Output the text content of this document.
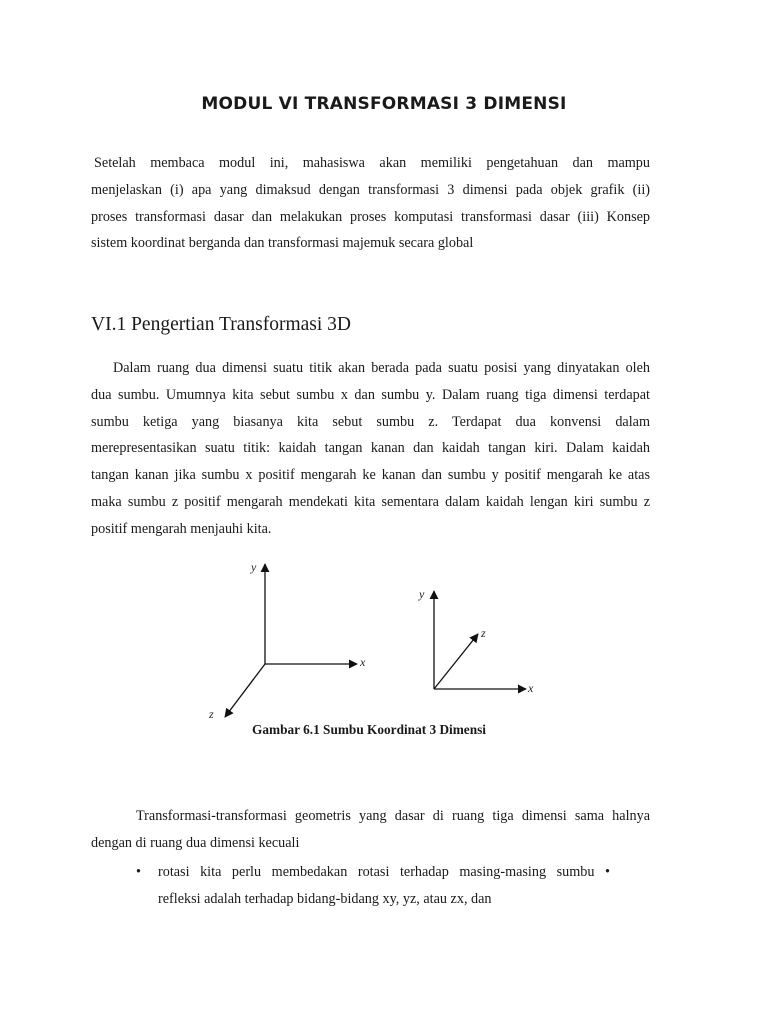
MODUL VI TRANSFORMASI 3 DIMENSI
Setelah membaca modul ini, mahasiswa akan memiliki pengetahuan dan mampu
menjelaskan (i) apa yang dimaksud dengan transformasi 3 dimensi pada objek grafik (ii)
proses transformasi dasar dan melakukan proses komputasi transformasi dasar (iii) Konsep
sistem koordinat berganda dan transformasi majemuk secara global
VI.1 Pengertian Transformasi 3D
Dalam ruang dua dimensi suatu titik akan berada pada suatu posisi yang dinyatakan oleh
dua sumbu. Umumnya kita sebut sumbu x dan sumbu y. Dalam ruang tiga dimensi terdapat
sumbu ketiga yang biasanya kita sebut sumbu z. Terdapat dua konvensi dalam
merepresentasikan suatu titik: kaidah tangan kanan dan kaidah tangan kiri. Dalam kaidah
tangan kanan jika sumbu x positif mengarah ke kanan dan sumbu y positif mengarah ke atas
maka sumbu z positif mengarah mendekati kita sementara dalam kaidah lengan kiri sumbu z
positif mengarah menjauhi kita.
y
x
z
y
x
z
Gambar 6.1 Sumbu Koordinat 3 Dimensi
Transformasi-transformasi geometris yang dasar di ruang tiga dimensi sama halnya
dengan di ruang dua dimensi kecuali
• rotasi kita perlu membedakan rotasi terhadap masing-masing sumbu •
refleksi adalah terhadap bidang-bidang xy, yz, atau zx, dan
